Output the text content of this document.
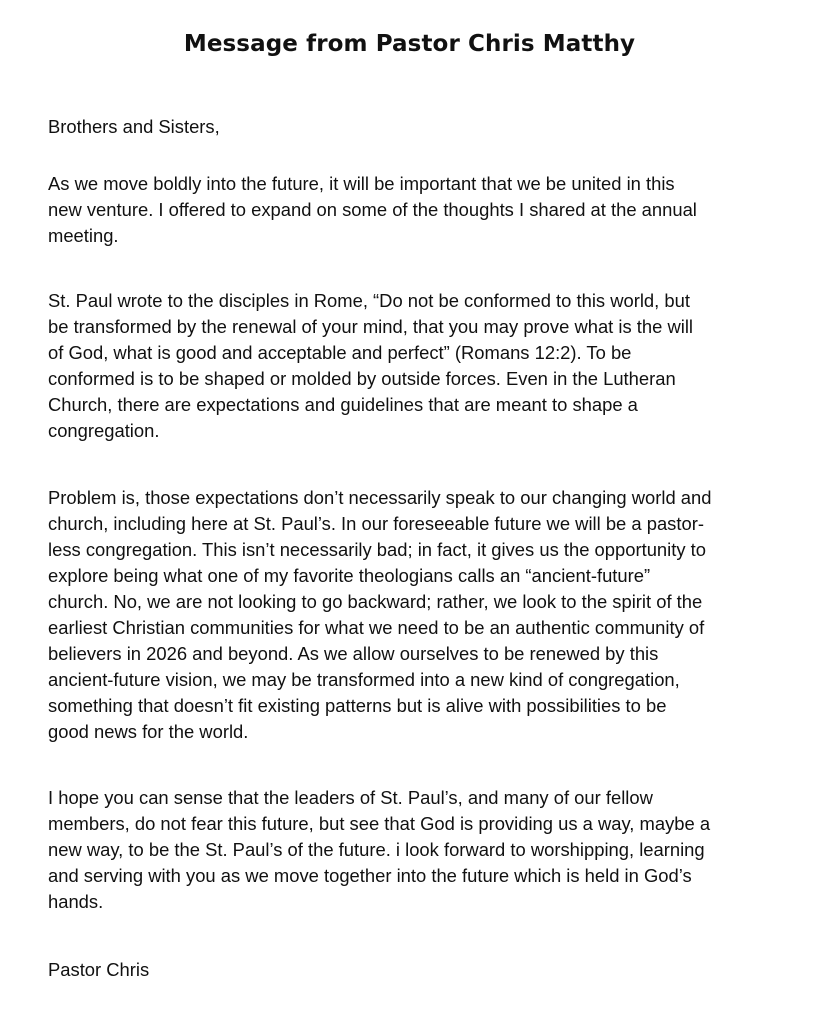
Message from Pastor Chris Matthy

Brothers and Sisters,

As we move boldly into the future, it will be important that we be united in this
new venture. I offered to expand on some of the thoughts I shared at the annual
meeting.

St. Paul wrote to the disciples in Rome, “Do not be conformed to this world, but
be transformed by the renewal of your mind, that you may prove what is the will
of God, what is good and acceptable and perfect” (Romans 12:2). To be
conformed is to be shaped or molded by outside forces. Even in the Lutheran
Church, there are expectations and guidelines that are meant to shape a
congregation.

Problem is, those expectations don’t necessarily speak to our changing world and
church, including here at St. Paul’s. In our foreseeable future we will be a pastor-
less congregation. This isn’t necessarily bad; in fact, it gives us the opportunity to
explore being what one of my favorite theologians calls an “ancient-future”
church. No, we are not looking to go backward; rather, we look to the spirit of the
earliest Christian communities for what we need to be an authentic community of
believers in 2026 and beyond. As we allow ourselves to be renewed by this
ancient-future vision, we may be transformed into a new kind of congregation,
something that doesn’t fit existing patterns but is alive with possibilities to be
good news for the world.

I hope you can sense that the leaders of St. Paul’s, and many of our fellow
members, do not fear this future, but see that God is providing us a way, maybe a
new way, to be the St. Paul’s of the future. i look forward to worshipping, learning
and serving with you as we move together into the future which is held in God’s
hands.

Pastor Chris
